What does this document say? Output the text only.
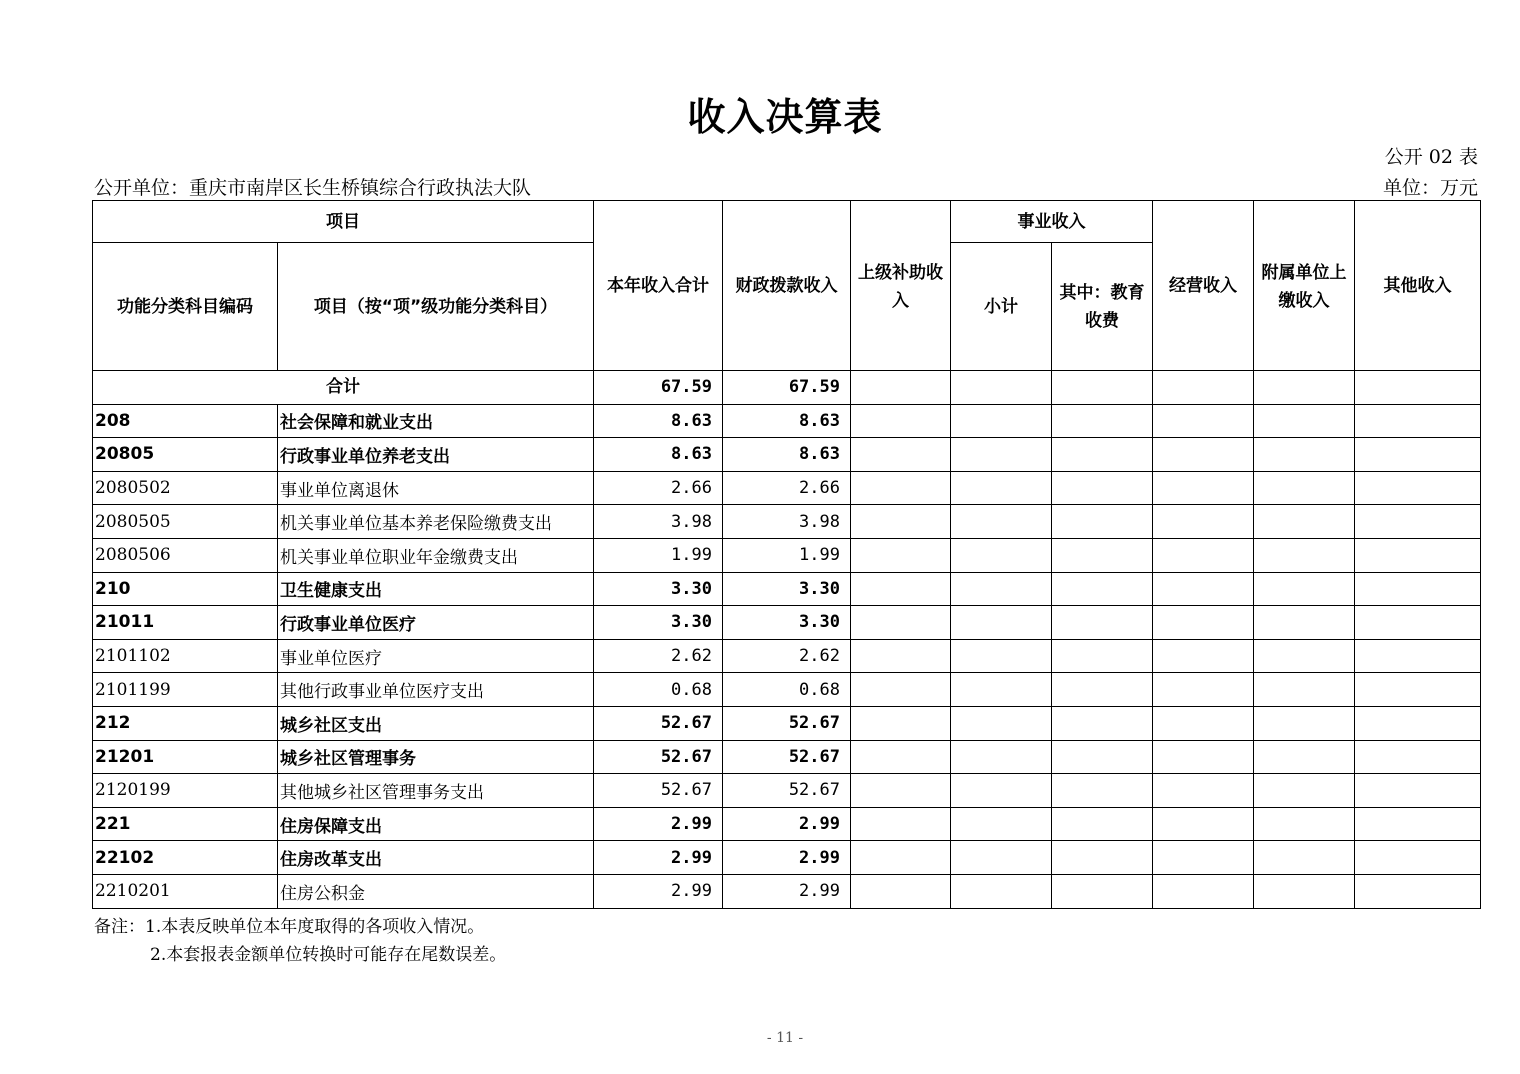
收入决算表
公开 02 表
公开单位：重庆市南岸区长生桥镇综合行政执法大队	单位：万元
项目		本年收入合计	财政拨款收入	上级补助收入	事业收入		经营收入	附属单位上缴收入	其他收入
功能分类科目编码	项目（按“项”级功能分类科目）				小计	其中：教育收费			
合计		67.59	67.59						
208	社会保障和就业支出	8.63	8.63						
20805	行政事业单位养老支出	8.63	8.63						
2080502	事业单位离退休	2.66	2.66						
2080505	机关事业单位基本养老保险缴费支出	3.98	3.98						
2080506	机关事业单位职业年金缴费支出	1.99	1.99						
210	卫生健康支出	3.30	3.30						
21011	行政事业单位医疗	3.30	3.30						
2101102	事业单位医疗	2.62	2.62						
2101199	其他行政事业单位医疗支出	0.68	0.68						
212	城乡社区支出	52.67	52.67						
21201	城乡社区管理事务	52.67	52.67						
2120199	其他城乡社区管理事务支出	52.67	52.67						
221	住房保障支出	2.99	2.99						
22102	住房改革支出	2.99	2.99						
2210201	住房公积金	2.99	2.99						
备注：1.本表反映单位本年度取得的各项收入情况。
2.本套报表金额单位转换时可能存在尾数误差。
- 11 -
